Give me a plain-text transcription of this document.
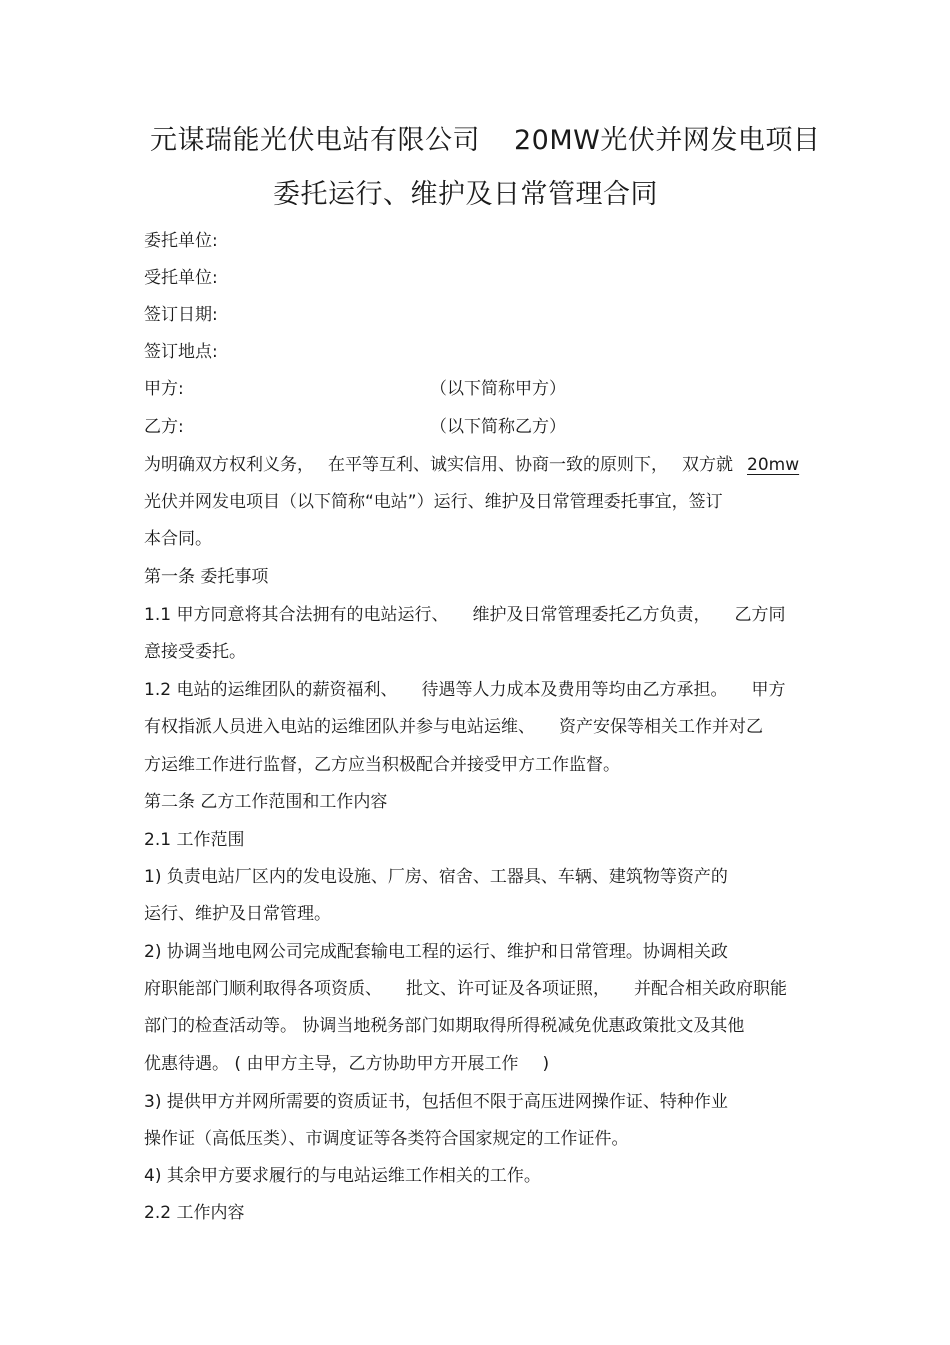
元谋瑞能光伏电站有限公司 20MW光伏并网发电项目
委托运行、维护及日常管理合同
委托单位:
受托单位:
签订日期:
签订地点:
甲方:	（以下简称甲方）
乙方:	（以下简称乙方）
为明确双方权利义务， 在平等互利、诚实信用、协商一致的原则下， 双方就 20mw
光伏并网发电项目（以下简称“电站”）运行、维护及日常管理委托事宜，签订
本合同。
第一条 委托事项
1.1 甲方同意将其合法拥有的电站运行、 维护及日常管理委托乙方负责， 乙方同
意接受委托。
1.2 电站的运维团队的薪资福利、 待遇等人力成本及费用等均由乙方承担。 甲方
有权指派人员进入电站的运维团队并参与电站运维、 资产安保等相关工作并对乙
方运维工作进行监督，乙方应当积极配合并接受甲方工作监督。
第二条 乙方工作范围和工作内容
2.1 工作范围
1) 负责电站厂区内的发电设施、厂房、宿舍、工器具、车辆、建筑物等资产的
运行、维护及日常管理。
2) 协调当地电网公司完成配套输电工程的运行、维护和日常管理。协调相关政
府职能部门顺利取得各项资质、 批文、许可证及各项证照， 并配合相关政府职能
部门的检查活动等。 协调当地税务部门如期取得所得税减免优惠政策批文及其他
优惠待遇。 ( 由甲方主导，乙方协助甲方开展工作 )
3) 提供甲方并网所需要的资质证书，包括但不限于高压进网操作证、特种作业
操作证（高低压类）、市调度证等各类符合国家规定的工作证件。
4) 其余甲方要求履行的与电站运维工作相关的工作。
2.2 工作内容
